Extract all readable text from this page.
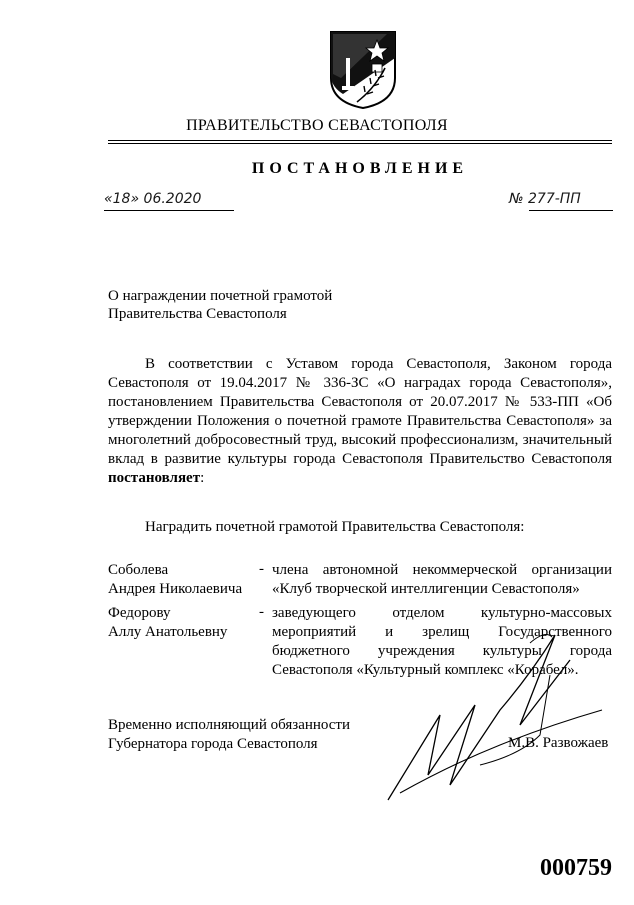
ПРАВИТЕЛЬСТВО СЕВАСТОПОЛЯ
ПОСТАНОВЛЕНИЕ
«18» 06.2020	№ 277-ПП
О награждении почетной грамотой
Правительства Севастополя
В соответствии с Уставом города Севастополя, Законом города Севастополя от 19.04.2017 № 336-ЗС «О наградах города Севастополя», постановлением Правительства Севастополя от 20.07.2017 № 533-ПП «Об утверждении Положения о почетной грамоте Правительства Севастополя» за многолетний добросовестный труд, высокий профессионализм, значительный вклад в развитие культуры города Севастополя Правительство Севастополя постановляет:
Наградить почетной грамотой Правительства Севастополя:
Соболева
Андрея Николаевича
- члена автономной некоммерческой организации «Клуб творческой интеллигенции Севастополя»
Федорову
Аллу Анатольевну
- заведующего отделом культурно-массовых мероприятий и зрелищ Государственного бюджетного учреждения культуры города Севастополя «Культурный комплекс «Корабел».
Временно исполняющий обязанности
Губернатора города Севастополя	М.В. Развожаев
000759
